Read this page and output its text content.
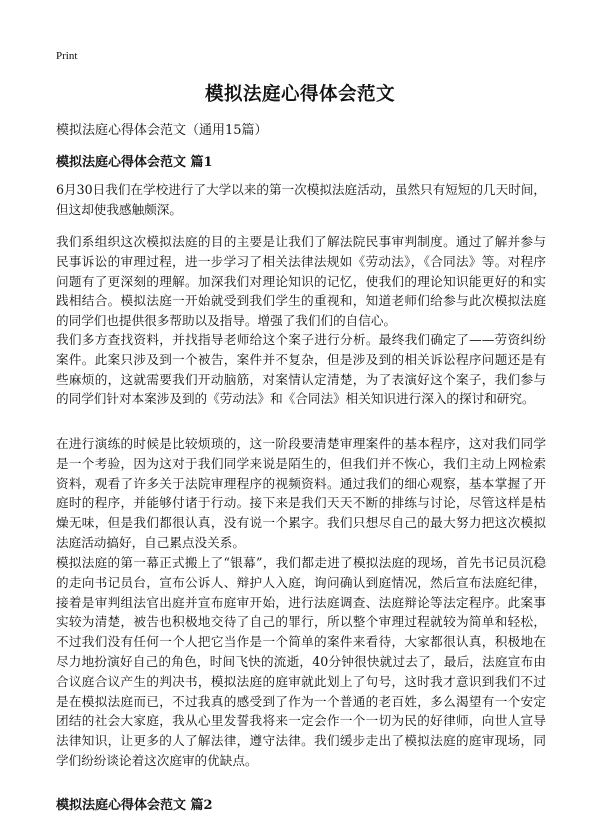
Print
模拟法庭心得体会范文
模拟法庭心得体会范文（通用15篇）
模拟法庭心得体会范文 篇1

6月30日我们在学校进行了大学以来的第一次模拟法庭活动，虽然只有短短的几天时间，但这却使我感触颇深。

我们系组织这次模拟法庭的目的主要是让我们了解法院民事审判制度。通过了解并参与民事诉讼的审理过程，进一步学习了相关法律法规如《劳动法》，《合同法》等。对程序问题有了更深刻的理解。加深我们对理论知识的记忆，使我们的理论知识能更好的和实践相结合。模拟法庭一开始就受到我们学生的重视和，知道老师们给参与此次模拟法庭的同学们也提供很多帮助以及指导。增强了我们们的自信心。

我们多方查找资料，并找指导老师给这个案子进行分析。最终我们确定了——劳资纠纷案件。此案只涉及到一个被告，案件并不复杂，但是涉及到的相关诉讼程序问题还是有些麻烦的，这就需要我们开动脑筋，对案情认定清楚，为了表演好这个案子，我们参与的同学们针对本案涉及到的《劳动法》和《合同法》相关知识进行深入的探讨和研究。

在进行演练的时候是比较烦琐的，这一阶段要清楚审理案件的基本程序，这对我们同学是一个考验，因为这对于我们同学来说是陌生的，但我们并不恢心，我们主动上网检索资料，观看了许多关于法院审理程序的视频资料。通过我们的细心观察，基本掌握了开庭时的程序，并能够付诸于行动。接下来是我们天天不断的排练与讨论，尽管这样是枯燥无味，但是我们都很认真，没有说一个累字。我们只想尽自己的最大努力把这次模拟法庭活动搞好，自己累点没关系。

模拟法庭的第一幕正式搬上了“银幕”，我们都走进了模拟法庭的现场，首先书记员沉稳的走向书记员台，宣布公诉人、辩护人入庭，询问确认到庭情况，然后宣布法庭纪律，接着是审判组法官出庭并宣布庭审开始，进行法庭调查、法庭辩论等法定程序。此案事实较为清楚，被告也积极地交待了自己的罪行，所以整个审理过程就较为简单和轻松，不过我们没有任何一个人把它当作是一个简单的案件来看待，大家都很认真，积极地在尽力地扮演好自己的角色，时间飞快的流逝，40分钟很快就过去了，最后，法庭宣布由合议庭合议产生的判决书，模拟法庭的庭审就此划上了句号，这时我才意识到我们不过是在模拟法庭而已，不过我真的感受到了作为一个普通的老百姓，多么渴望有一个安定团结的社会大家庭，我从心里发誓我将来一定会作一个一切为民的好律师，向世人宣导法律知识，让更多的人了解法律，遵守法律。我们缓步走出了模拟法庭的庭审现场，同学们纷纷谈论着这次庭审的优缺点。

模拟法庭心得体会范文 篇2
